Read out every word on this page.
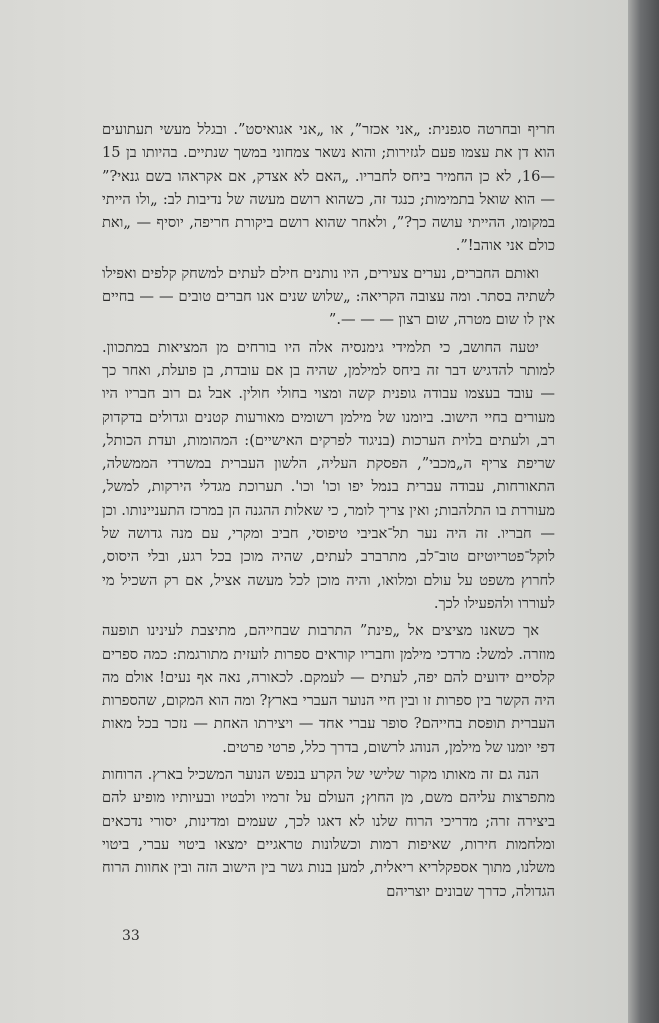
חריף ובחרטה סגפנית: „אני אכזר”, או „אני אגואיסט”. ובגלל מעשי תעתועים הוא דן את עצמו פעם לגזירות; והוא נשאר צמחוני במשך שנתיים. בהיותו בן 15—16, לא כן החמיר ביחס לחבריו. „האם לא אצדק, אם אקראהו בשם גנאי?” — הוא שואל בתמימות; כנגד זה, כשהוא רושם מעשה של נדיבות לב: „ולו הייתי במקומו, ההייתי עושה כך?”, ולאחר שהוא רושם ביקורת חריפה, יוסיף — „ואת כולם אני אוהב!”.

ואותם החברים, נערים צעירים, היו נותנים חילם לעתים למשחק קלפים ואפילו לשתיה בסתר. ומה עצובה הקריאה: „שלוש שנים אנו חברים טובים — — בחיים אין לו שום מטרה, שום רצון — — —.”

יטעה החושב, כי תלמידי גימנסיה אלה היו בורחים מן המציאות במתכוון. למותר להדגיש דבר זה ביחס למילמן, שהיה בן אם עובדת, בן פועלת, ואחר כך — עובד בעצמו עבודה גופנית קשה ומצוי בחולי חולין. אבל גם רוב חבריו היו מעורים בחיי הישוב. ביומנו של מילמן רשומים מאורעות קטנים וגדולים בדקדוק רב, ולעתים בלוית הערכות (בניגוד לפרקים האישיים): המהומות, ועדת הכותל, שריפת צריף ה„מכבי”, הפסקת העליה, הלשון העברית במשרדי הממשלה, התאורחות, עבודה עברית בנמל יפו וכו' וכו'. תערוכת מגדלי הירקות, למשל, מעוררת בו התלהבות; ואין צריך לומר, כי שאלות ההגנה הן במרכז התעניינותו. וכן — חבריו. זה היה נער תל־אביבי טיפוסי, חביב ומקרי, עם מנה גדושה של לוקל־פטריוטיזם טוב־לב, מתרברב לעתים, שהיה מוכן בכל רגע, ובלי היסוס, לחרוץ משפט על עולם ומלואו, והיה מוכן לכל מעשה אציל, אם רק השכיל מי לעוררו ולהפעילו לכך.

אך כשאנו מציצים אל „פינת” התרבות שבחייהם, מתיצבת לעינינו תופעה מוזרה. למשל: מרדכי מילמן וחבריו קוראים ספרות לועזית מתורגמת: כמה ספרים קלסיים ידועים להם יפה, לעתים — לעמקם. לכאורה, נאה אף נעים! אולם מה היה הקשר בין ספרות זו ובין חיי הנוער העברי בארץ? ומה הוא המקום, שהספרות העברית תופסת בחייהם? סופר עברי אחד — ויצירתו האחת — נזכר בכל מאות דפי יומנו של מילמן, הנוהג לרשום, בדרך כלל, פרטי פרטים.

הנה גם זה מאותו מקור שלישי של הקרע בנפש הנוער המשכיל בארץ. הרוחות מתפרצות עליהם משם, מן החוץ; העולם על זרמיו ולבטיו ובעיותיו מופיע להם ביצירה זרה; מדריכי הרוח שלנו לא דאגו לכך, שעמים ומדינות, יסורי נדכאים ומלחמות חירות, שאיפות רמות וכשלונות טראגיים ימצאו ביטוי עברי, ביטוי משלנו, מתוך אספקלריא ריאלית, למען בנות גשר בין הישוב הזה ובין אחוות הרוח הגדולה, כדרך שבונים יוצריהם

33
